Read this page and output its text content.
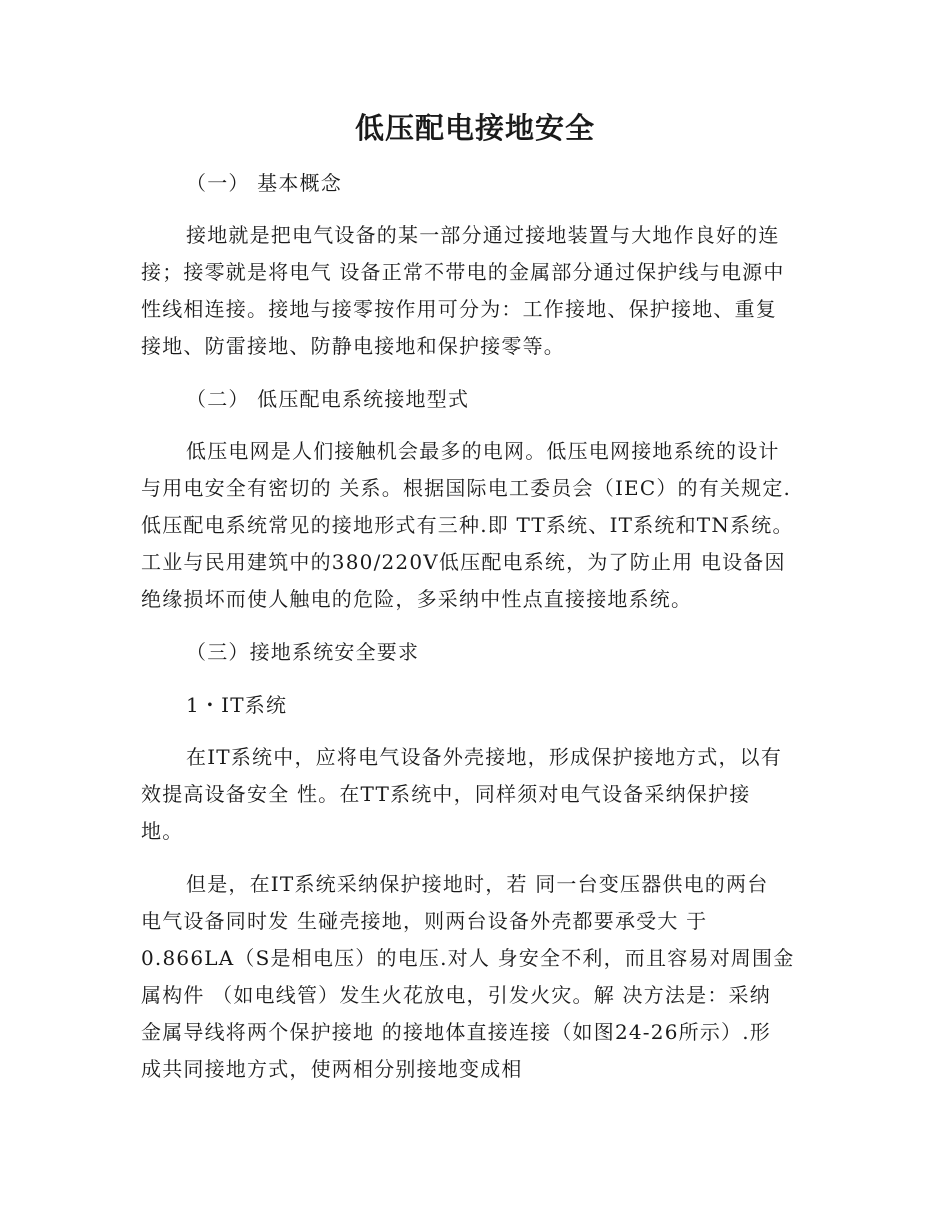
低压配电接地安全
（一） 基本概念
接地就是把电气设备的某一部分通过接地装置与大地作良好的连
接；接零就是将电气 设备正常不带电的金属部分通过保护线与电源中
性线相连接。接地与接零按作用可分为：工作接地、保护接地、重复
接地、防雷接地、防静电接地和保护接零等。
（二） 低压配电系统接地型式
低压电网是人们接触机会最多的电网。低压电网接地系统的设计
与用电安全有密切的 关系。根据国际电工委员会（IEC）的有关规定.
低压配电系统常见的接地形式有三种.即 TT系统、IT系统和TN系统。
工业与民用建筑中的380/220V低压配电系统，为了防止用 电设备因
绝缘损坏而使人触电的危险，多采纳中性点直接接地系统。
（三）接地系统安全要求
1・IT系统
在IT系统中，应将电气设备外壳接地，形成保护接地方式，以有
效提高设备安全 性。在TT系统中，同样须对电气设备采纳保护接
地。
但是，在IT系统采纳保护接地时，若 同一台变压器供电的两台
电气设备同时发 生碰壳接地，则两台设备外壳都要承受大 于
0.866LA（S是相电压）的电压.对人 身安全不利，而且容易对周围金
属构件 （如电线管）发生火花放电，引发火灾。解 决方法是：采纳
金属导线将两个保护接地 的接地体直接连接（如图24-26所示）.形
成共同接地方式，使两相分别接地变成相
